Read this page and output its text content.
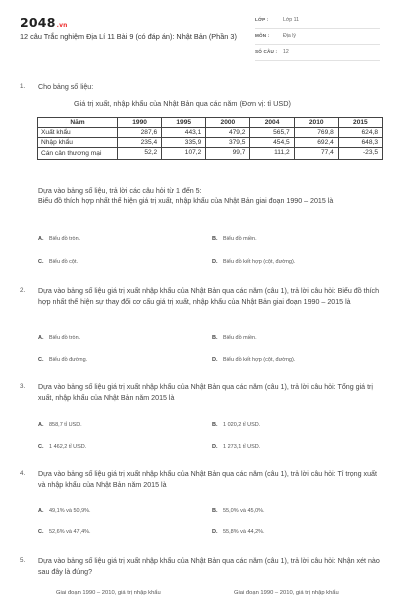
2048.vn
12 câu Trắc nghiệm Địa Lí 11 Bài 9 (có đáp án): Nhật Bản (Phần 3)
LỚP :	Lớp 11
MÔN :	Địa lý
SỐ CÂU : 12
1. Cho bảng số liệu:
Giá trị xuất, nhập khẩu của Nhật Bản qua các năm (Đơn vị: tỉ USD)
Năm	1990	1995	2000	2004	2010	2015
Xuất khẩu	287,6	443,1	479,2	565,7	769,8	624,8
Nhập khẩu	235,4	335,9	379,5	454,5	692,4	648,3
Cán cân thương mại	52,2	107,2	99,7	111,2	77,4	-23,5
Dựa vào bảng số liệu, trả lời các câu hỏi từ 1 đến 5:
Biểu đồ thích hợp nhất thể hiện giá trị xuất, nhập khẩu của Nhật Bản giai đoạn 1990 – 2015 là
A. Biểu đồ tròn.	B. Biểu đồ miền.
C. Biểu đồ cột.	D. Biểu đồ kết hợp (cột, đường).
2. Dựa vào bảng số liệu giá trị xuất nhập khẩu của Nhật Bản qua các năm (câu 1), trả lời câu hỏi: Biểu đồ thích hợp nhất thể hiện sự thay đổi cơ cấu giá trị xuất, nhập khẩu của Nhật Bản giai đoạn 1990 – 2015 là
A. Biểu đồ tròn.	B. Biểu đồ miền.
C. Biểu đồ đường.	D. Biểu đồ kết hợp (cột, đường).
3. Dựa vào bảng số liệu giá trị xuất nhập khẩu của Nhật Bản qua các năm (câu 1), trả lời câu hỏi: Tổng giá trị xuất, nhập khẩu của Nhật Bản năm 2015 là
A. 858,7 tỉ USD.	B. 1 020,2 tỉ USD.
C. 1 462,2 tỉ USD.	D. 1 273,1 tỉ USD.
4. Dựa vào bảng số liệu giá trị xuất nhập khẩu của Nhật Bản qua các năm (câu 1), trả lời câu hỏi: Tỉ trọng xuất và nhập khẩu của Nhật Bản năm 2015 là
A. 49,1% và 50,9%.	B. 55,0% và 45,0%.
C. 52,6% và 47,4%.	D. 55,8% và 44,2%.
5. Dựa vào bảng số liệu giá trị xuất nhập khẩu của Nhật Bản qua các năm (câu 1), trả lời câu hỏi: Nhận xét nào sau đây là đúng?
Giai đoạn 1990 – 2010, giá trị nhập khẩu	Giai đoạn 1990 – 2010, giá trị nhập khẩu
